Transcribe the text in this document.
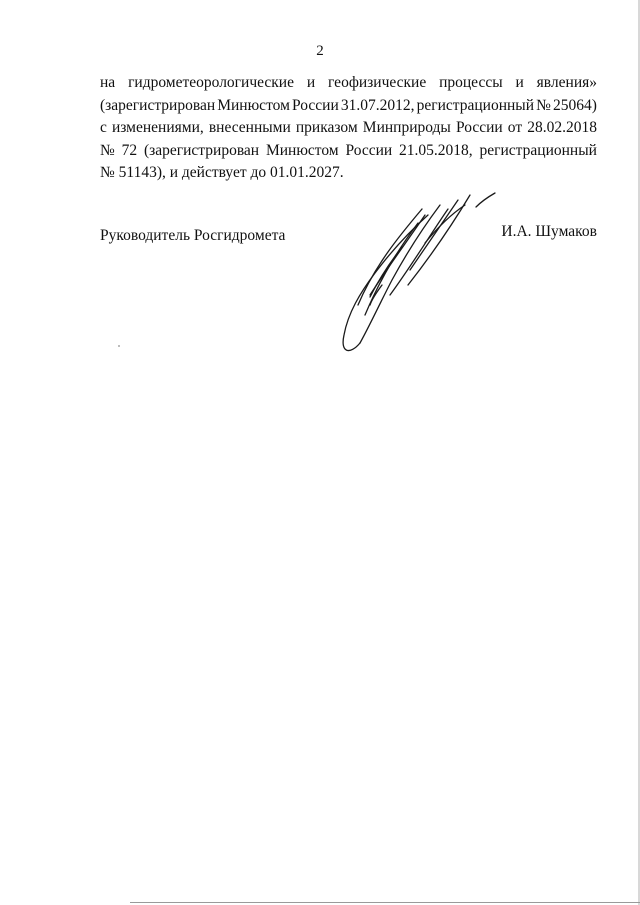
2
на гидрометеорологические и геофизические процессы и явления»
(зарегистрирован Минюстом России 31.07.2012, регистрационный № 25064)
с изменениями, внесенными приказом Минприроды России от 28.02.2018
№ 72 (зарегистрирован Минюстом России 21.05.2018, регистрационный
№ 51143), и действует до 01.01.2027.
Руководитель Росгидромета	И.А. Шумаков
